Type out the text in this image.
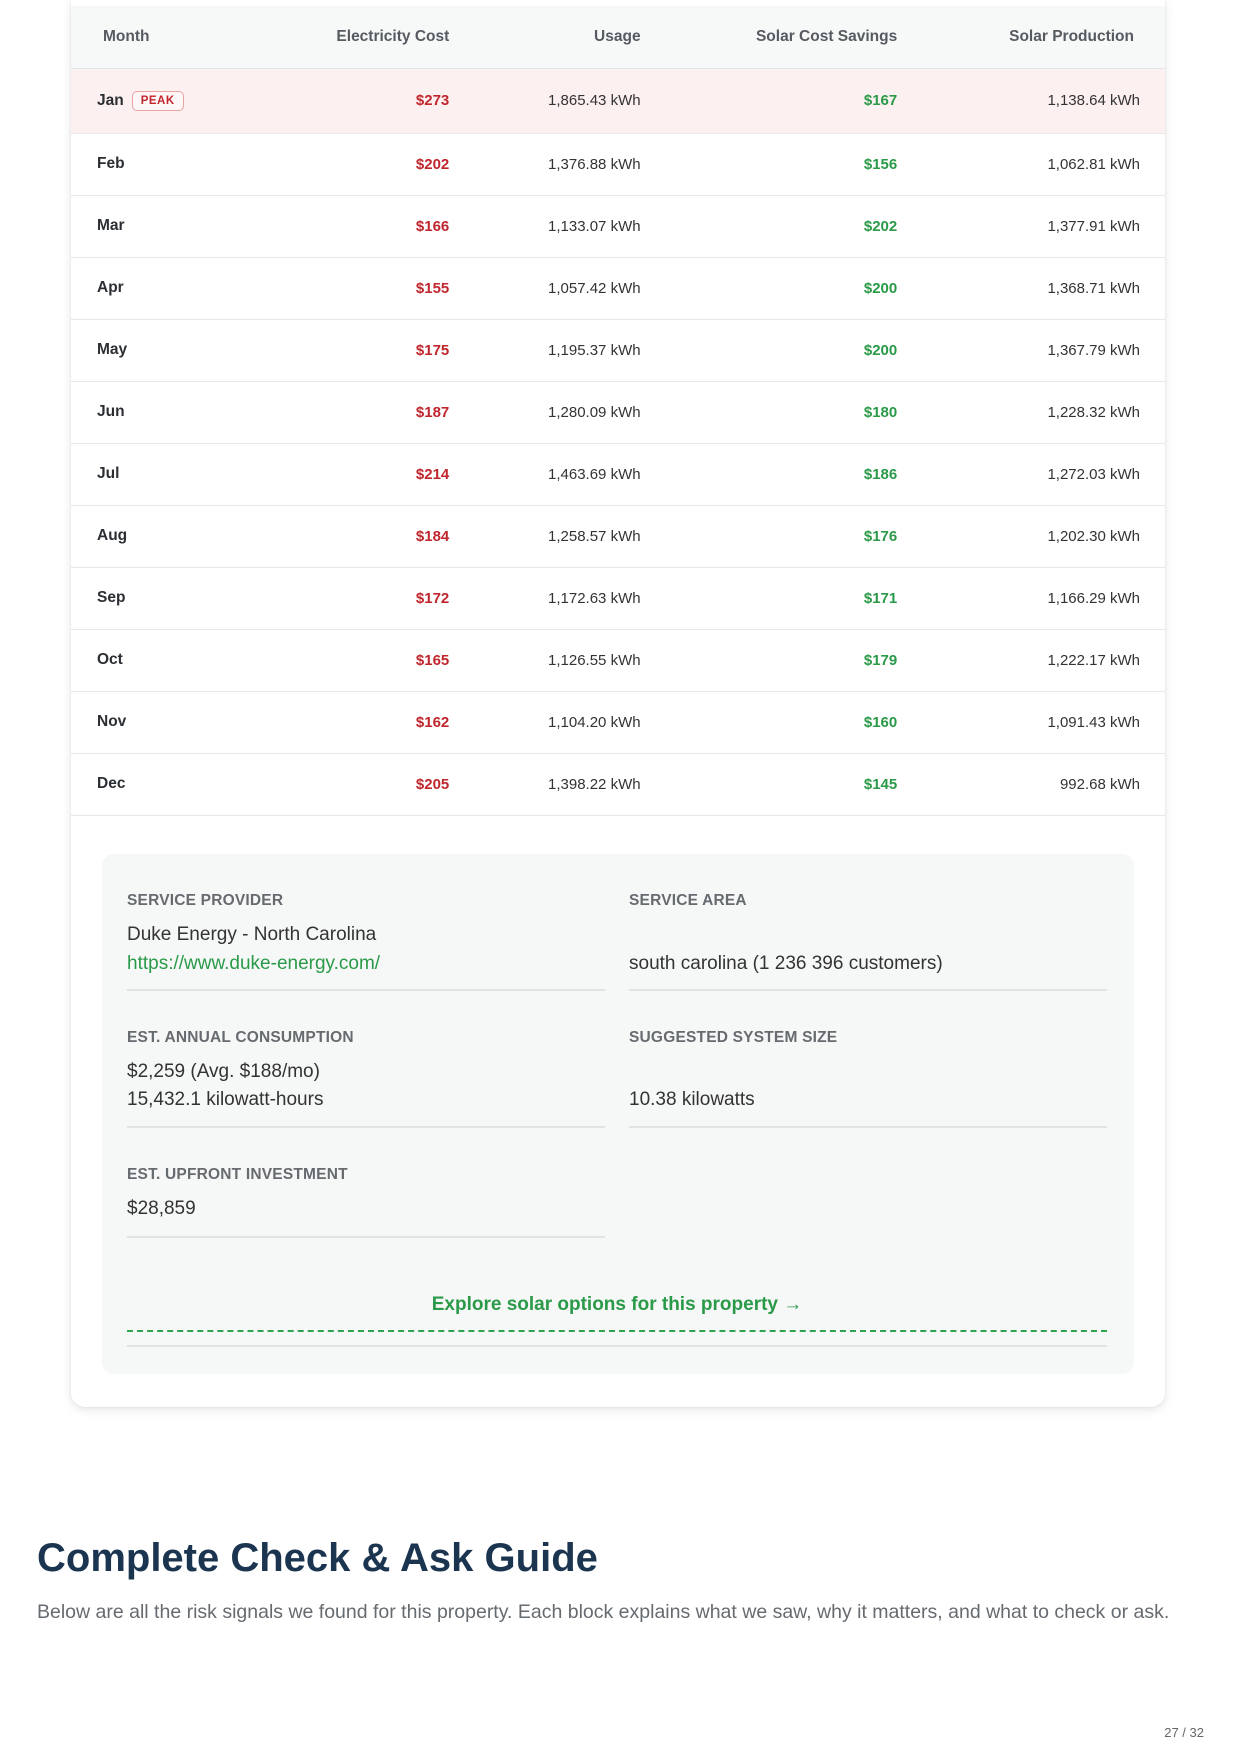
Month	Electricity Cost	Usage	Solar Cost Savings	Solar Production
Jan PEAK	$273	1,865.43 kWh	$167	1,138.64 kWh
Feb	$202	1,376.88 kWh	$156	1,062.81 kWh
Mar	$166	1,133.07 kWh	$202	1,377.91 kWh
Apr	$155	1,057.42 kWh	$200	1,368.71 kWh
May	$175	1,195.37 kWh	$200	1,367.79 kWh
Jun	$187	1,280.09 kWh	$180	1,228.32 kWh
Jul	$214	1,463.69 kWh	$186	1,272.03 kWh
Aug	$184	1,258.57 kWh	$176	1,202.30 kWh
Sep	$172	1,172.63 kWh	$171	1,166.29 kWh
Oct	$165	1,126.55 kWh	$179	1,222.17 kWh
Nov	$162	1,104.20 kWh	$160	1,091.43 kWh
Dec	$205	1,398.22 kWh	$145	992.68 kWh
SERVICE PROVIDER
Duke Energy - North Carolina
https://www.duke-energy.com/
SERVICE AREA
south carolina (1 236 396 customers)
EST. ANNUAL CONSUMPTION
$2,259 (Avg. $188/mo)
15,432.1 kilowatt-hours
SUGGESTED SYSTEM SIZE
10.38 kilowatts
EST. UPFRONT INVESTMENT
$28,859
Explore solar options for this property →
Complete Check & Ask Guide

Below are all the risk signals we found for this property. Each block explains what we saw, why it matters, and what to check or ask.

27 / 32
